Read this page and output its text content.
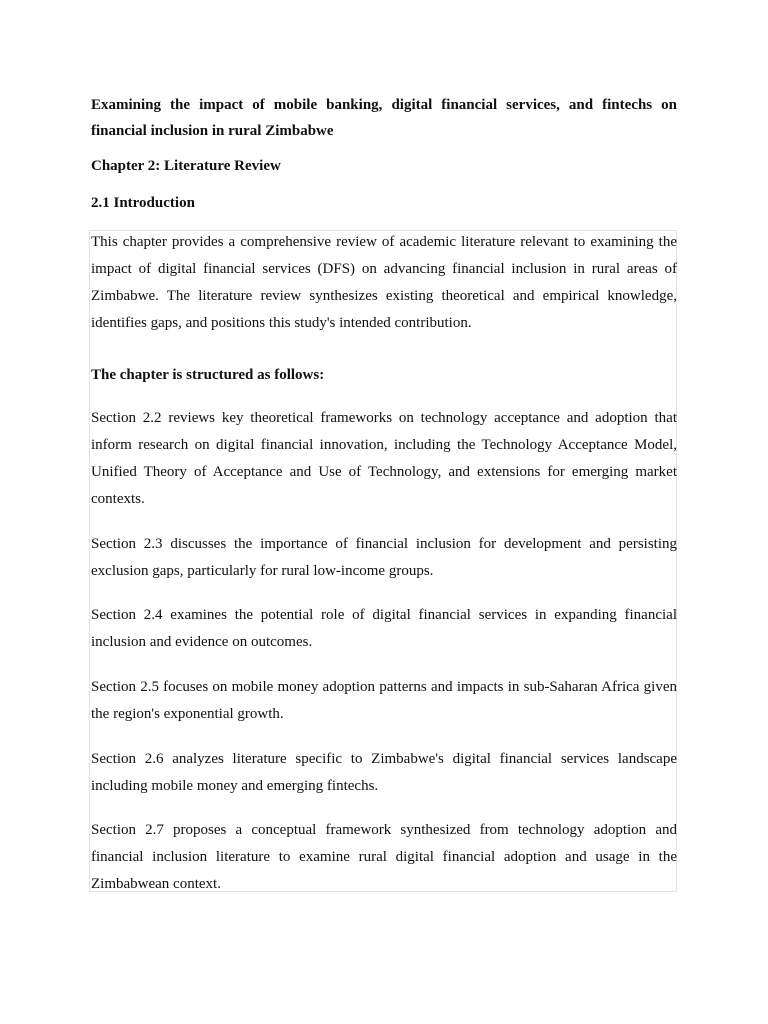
Examining the impact of mobile banking, digital financial services, and fintechs on financial inclusion in rural Zimbabwe

Chapter 2: Literature Review

2.1 Introduction

This chapter provides a comprehensive review of academic literature relevant to examining the impact of digital financial services (DFS) on advancing financial inclusion in rural areas of Zimbabwe. The literature review synthesizes existing theoretical and empirical knowledge, identifies gaps, and positions this study's intended contribution.

The chapter is structured as follows:

Section 2.2 reviews key theoretical frameworks on technology acceptance and adoption that inform research on digital financial innovation, including the Technology Acceptance Model, Unified Theory of Acceptance and Use of Technology, and extensions for emerging market contexts.

Section 2.3 discusses the importance of financial inclusion for development and persisting exclusion gaps, particularly for rural low-income groups.

Section 2.4 examines the potential role of digital financial services in expanding financial inclusion and evidence on outcomes.

Section 2.5 focuses on mobile money adoption patterns and impacts in sub-Saharan Africa given the region's exponential growth.

Section 2.6 analyzes literature specific to Zimbabwe's digital financial services landscape including mobile money and emerging fintechs.

Section 2.7 proposes a conceptual framework synthesized from technology adoption and financial inclusion literature to examine rural digital financial adoption and usage in the Zimbabwean context.
